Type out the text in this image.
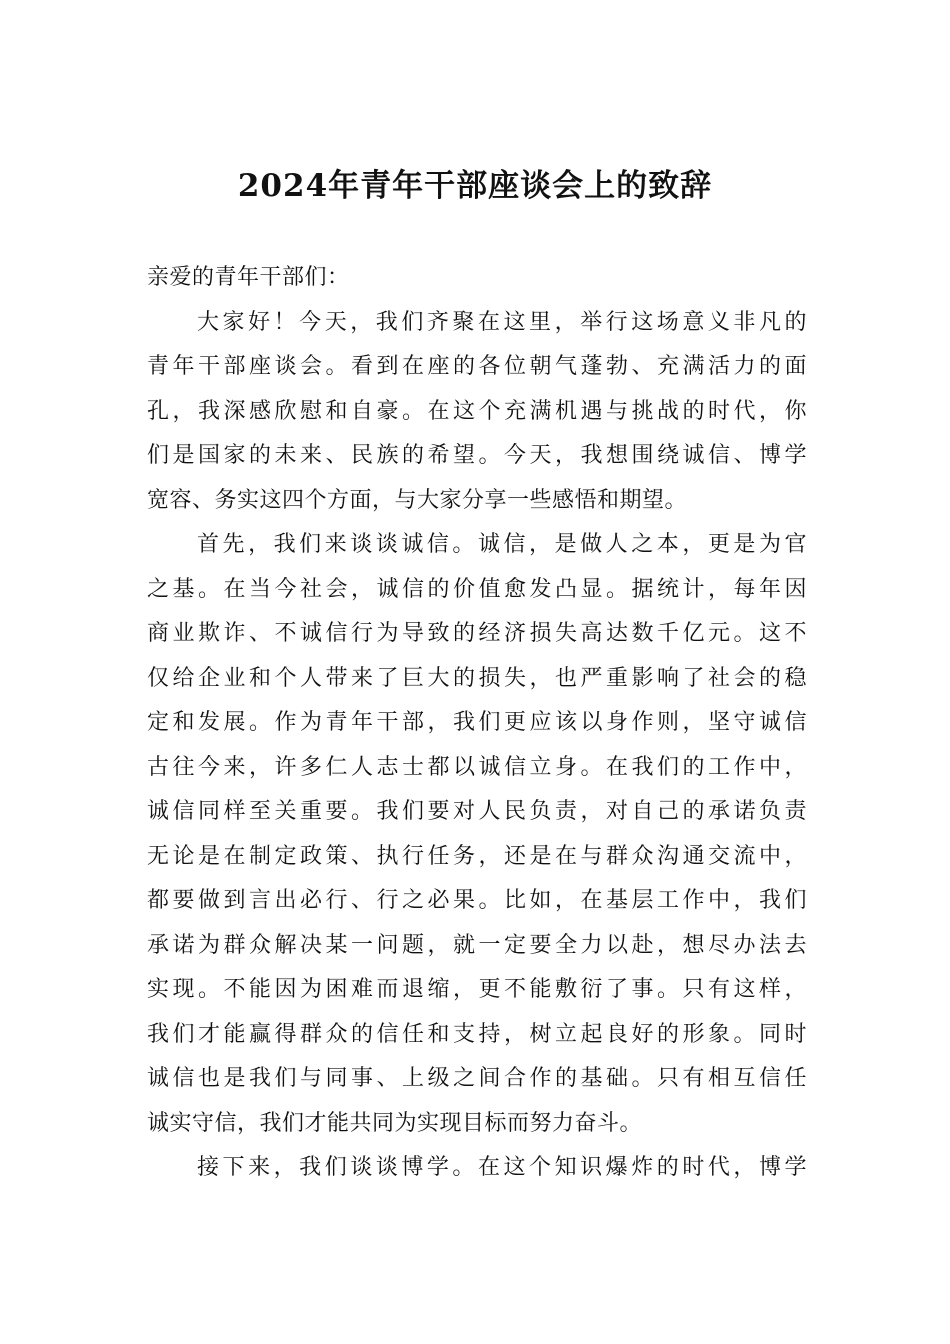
2024年青年干部座谈会上的致辞
亲爱的青年干部们：
大家好！今天，我们齐聚在这里，举行这场意义非凡的
青年干部座谈会。看到在座的各位朝气蓬勃、充满活力的面
孔，我深感欣慰和自豪。在这个充满机遇与挑战的时代，你
们是国家的未来、民族的希望。今天，我想围绕诚信、博学
宽容、务实这四个方面，与大家分享一些感悟和期望。
首先，我们来谈谈诚信。诚信，是做人之本，更是为官
之基。在当今社会，诚信的价值愈发凸显。据统计，每年因
商业欺诈、不诚信行为导致的经济损失高达数千亿元。这不
仅给企业和个人带来了巨大的损失，也严重影响了社会的稳
定和发展。作为青年干部，我们更应该以身作则，坚守诚信
古往今来，许多仁人志士都以诚信立身。在我们的工作中，
诚信同样至关重要。我们要对人民负责，对自己的承诺负责
无论是在制定政策、执行任务，还是在与群众沟通交流中，
都要做到言出必行、行之必果。比如，在基层工作中，我们
承诺为群众解决某一问题，就一定要全力以赴，想尽办法去
实现。不能因为困难而退缩，更不能敷衍了事。只有这样，
我们才能赢得群众的信任和支持，树立起良好的形象。同时
诚信也是我们与同事、上级之间合作的基础。只有相互信任
诚实守信，我们才能共同为实现目标而努力奋斗。
接下来，我们谈谈博学。在这个知识爆炸的时代，博学
